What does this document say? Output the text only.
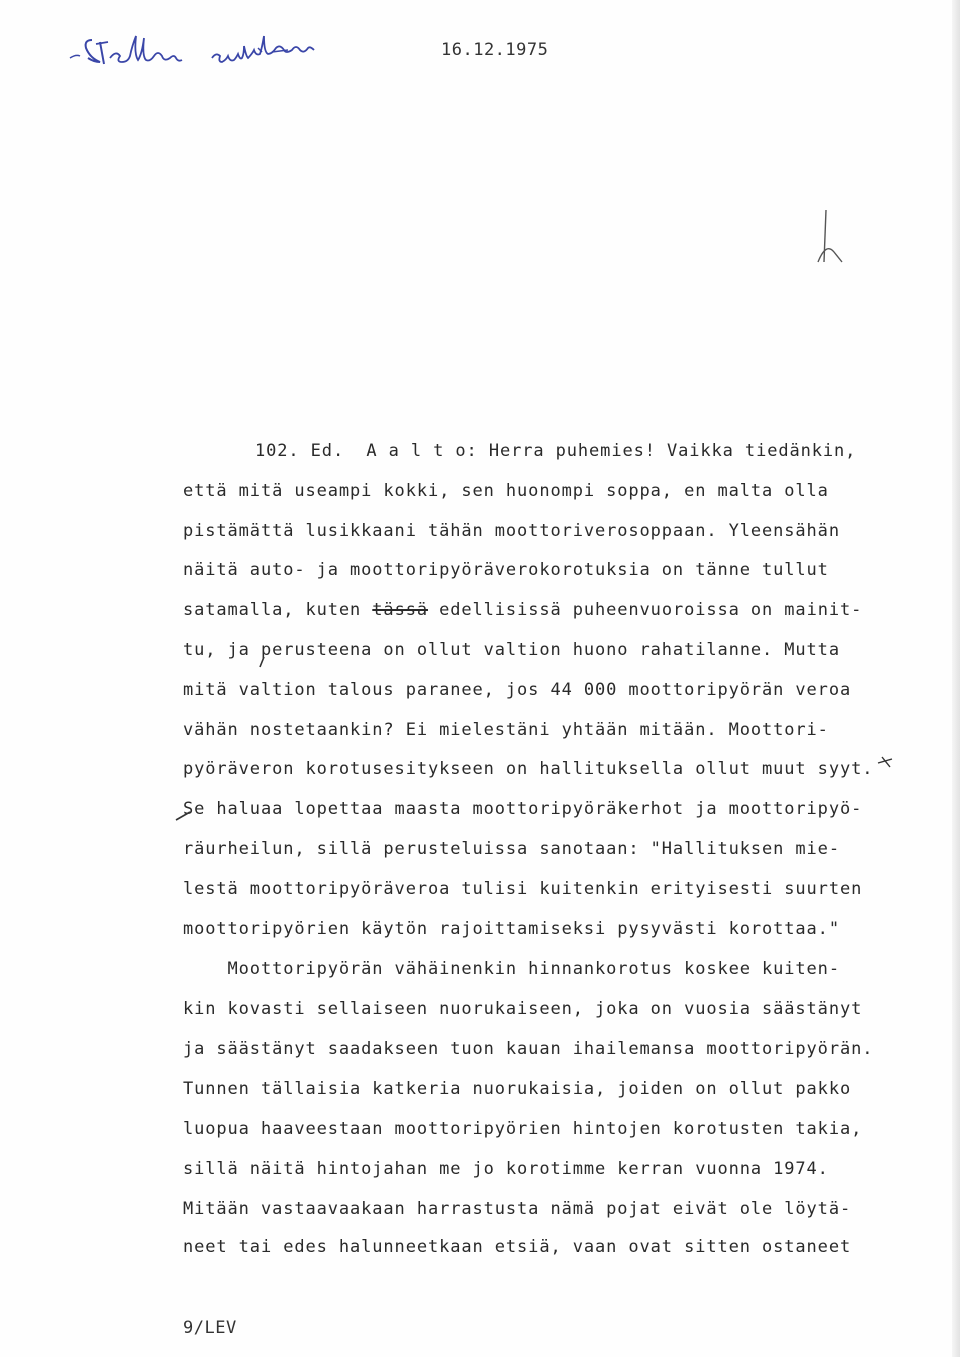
16.12.1975
102. Ed.  A a l t o: Herra puhemies! Vaikka tiedänkin,
että mitä useampi kokki, sen huonompi soppa, en malta olla
pistämättä lusikkaani tähän moottoriverosoppaan. Yleensähän
näitä auto- ja moottoripyöräverokorotuksia on tänne tullut
satamalla, kuten tässä edellisissä puheenvuoroissa on mainit-
tu, ja perusteena on ollut valtion huono rahatilanne. Mutta
mitä valtion talous paranee, jos 44 000 moottoripyörän veroa
vähän nostetaankin? Ei mielestäni yhtään mitään. Moottori-
pyöräveron korotusesitykseen on hallituksella ollut muut syyt.
Se haluaa lopettaa maasta moottoripyöräkerhot ja moottoripyö-
räurheilun, sillä perusteluissa sanotaan: "Hallituksen mie-
lestä moottoripyöräveroa tulisi kuitenkin erityisesti suurten
moottoripyörien käytön rajoittamiseksi pysyvästi korottaa."
Moottoripyörän vähäinenkin hinnankorotus koskee kuiten-
kin kovasti sellaiseen nuorukaiseen, joka on vuosia säästänyt
ja säästänyt saadakseen tuon kauan ihailemansa moottoripyörän.
Tunnen tällaisia katkeria nuorukaisia, joiden on ollut pakko
luopua haaveestaan moottoripyörien hintojen korotusten takia,
sillä näitä hintojahan me jo korotimme kerran vuonna 1974.
Mitään vastaavaakaan harrastusta nämä pojat eivät ole löytä-
neet tai edes halunneetkaan etsiä, vaan ovat sitten ostaneet
9/LEV
